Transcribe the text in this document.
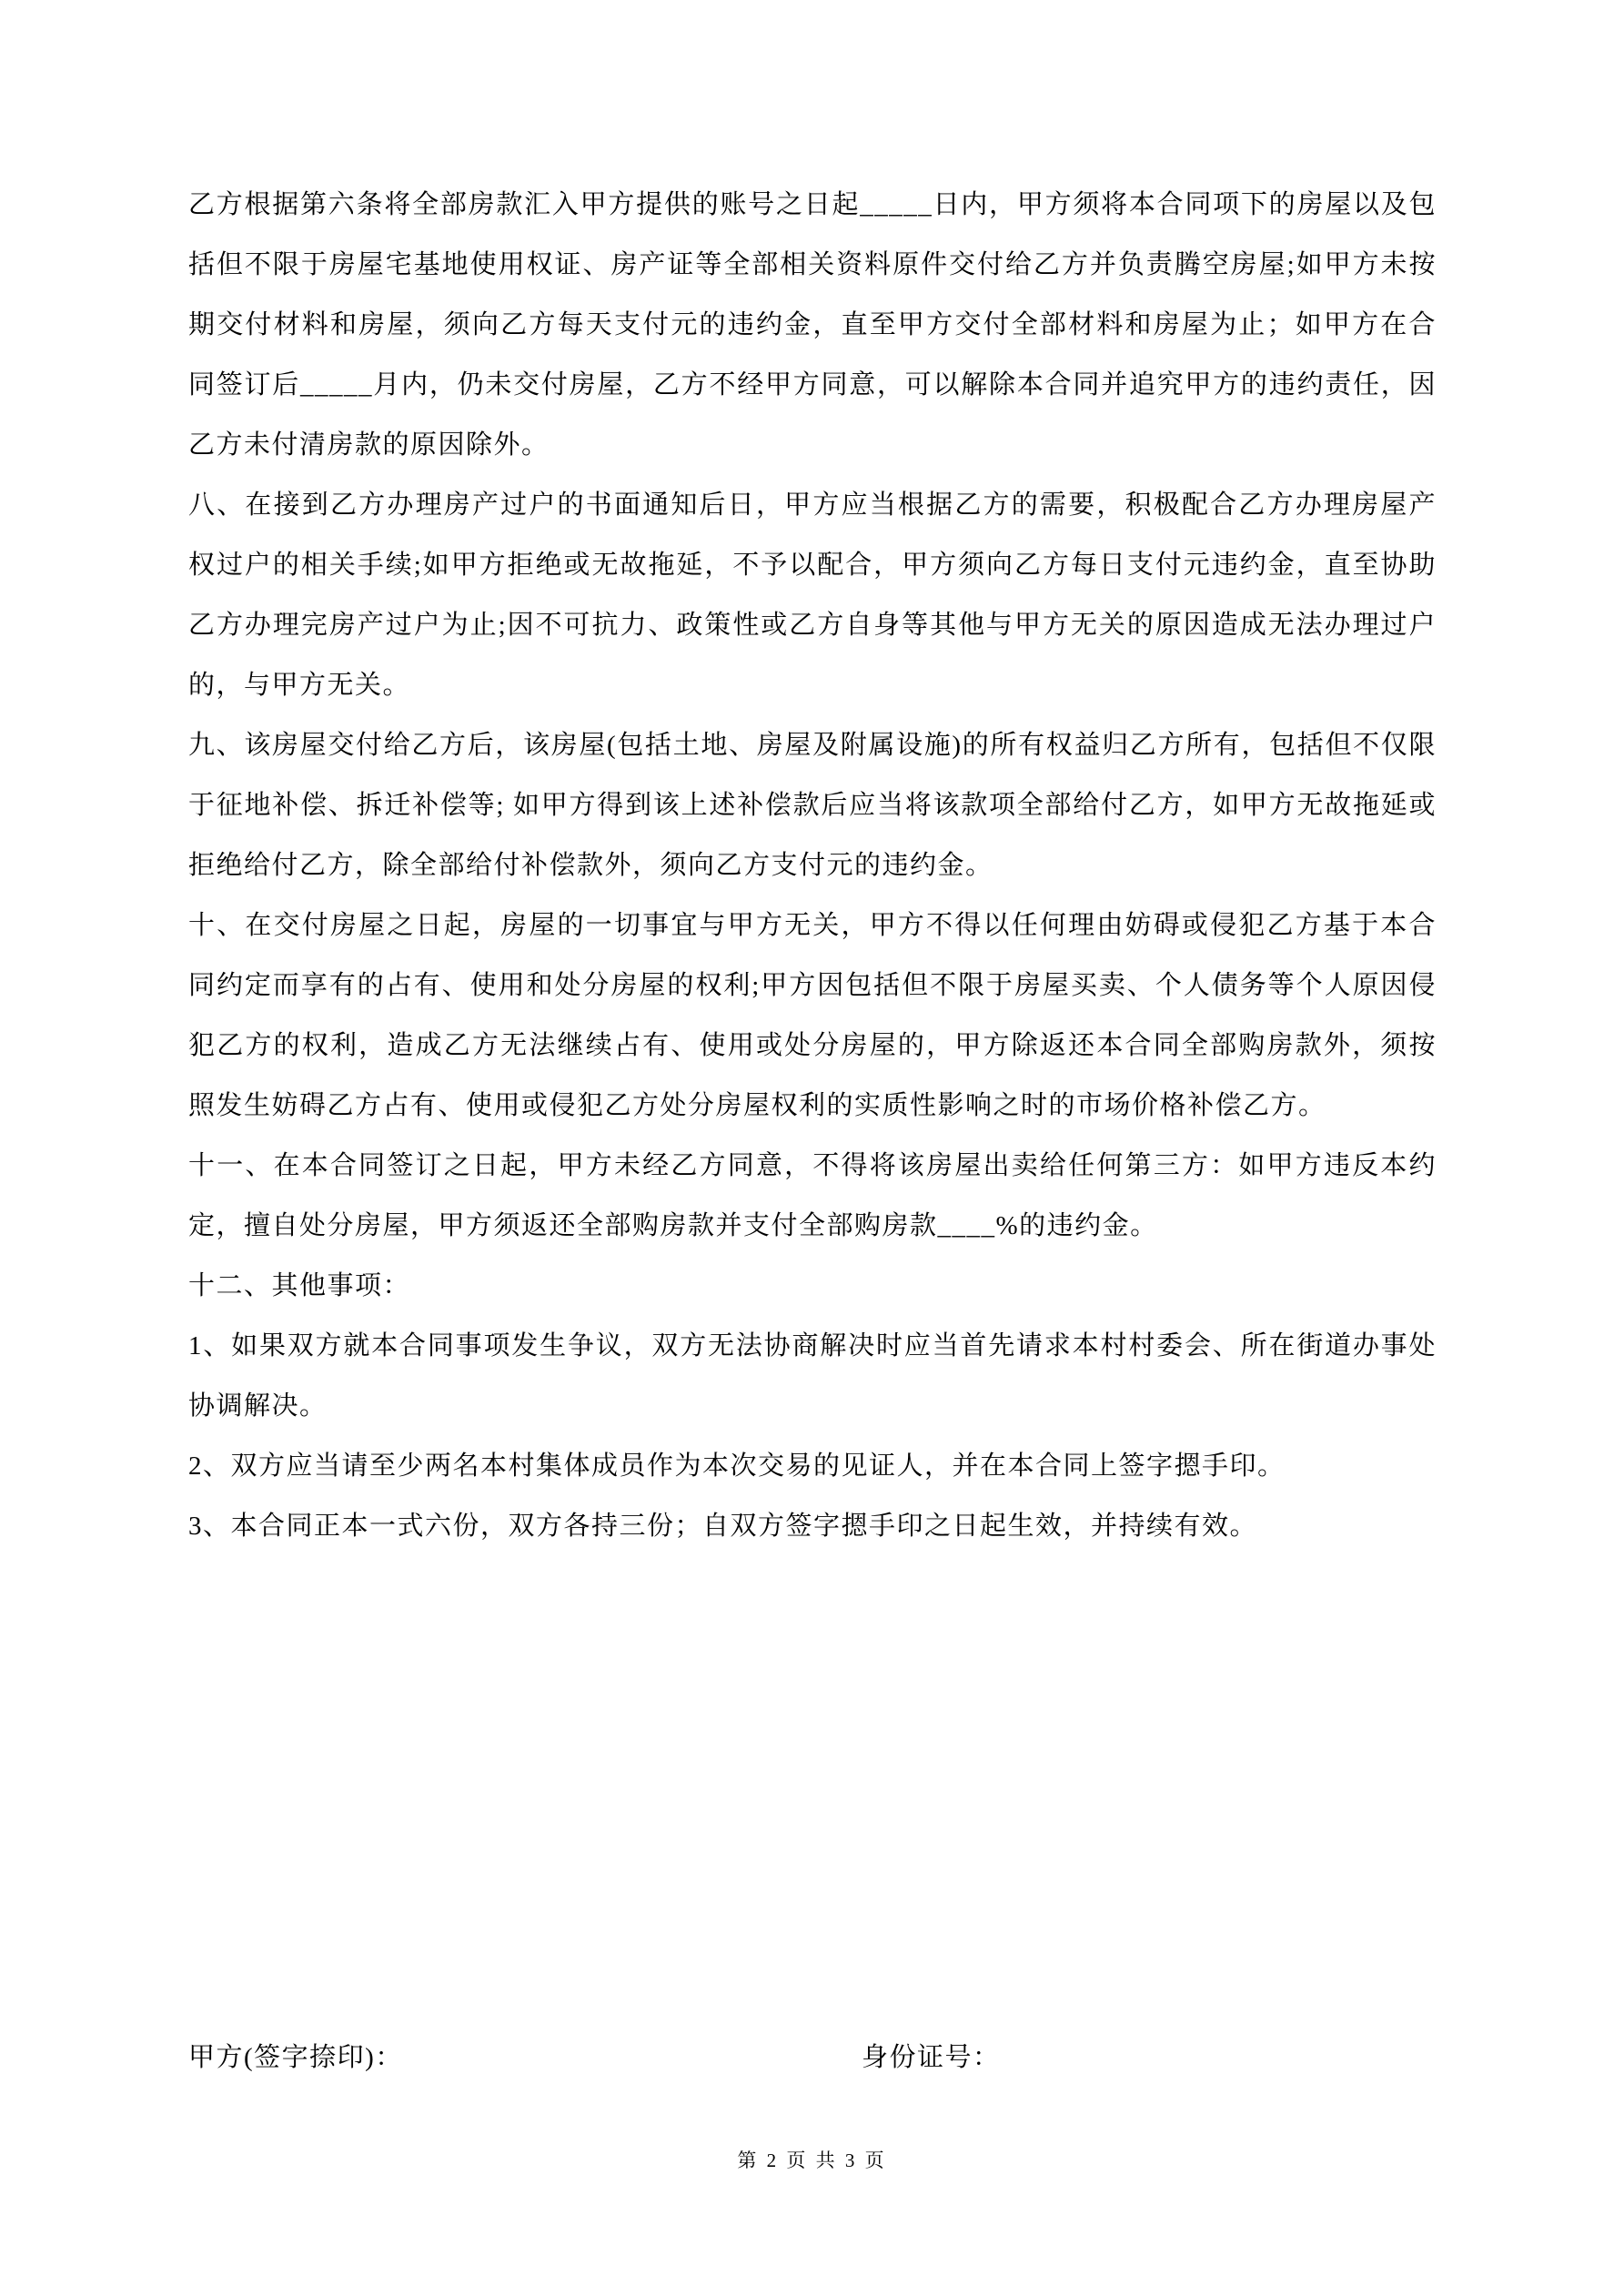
乙方根据第六条将全部房款汇入甲方提供的账号之日起_____日内，甲方须将本合同项下的房屋以及包括但不限于房屋宅基地使用权证、房产证等全部相关资料原件交付给乙方并负责腾空房屋;如甲方未按期交付材料和房屋，须向乙方每天支付元的违约金，直至甲方交付全部材料和房屋为止；如甲方在合同签订后_____月内，仍未交付房屋，乙方不经甲方同意，可以解除本合同并追究甲方的违约责任，因乙方未付清房款的原因除外。

八、在接到乙方办理房产过户的书面通知后日，甲方应当根据乙方的需要，积极配合乙方办理房屋产权过户的相关手续;如甲方拒绝或无故拖延，不予以配合，甲方须向乙方每日支付元违约金，直至协助乙方办理完房产过户为止;因不可抗力、政策性或乙方自身等其他与甲方无关的原因造成无法办理过户的，与甲方无关。

九、该房屋交付给乙方后，该房屋(包括土地、房屋及附属设施)的所有权益归乙方所有，包括但不仅限于征地补偿、拆迁补偿等; 如甲方得到该上述补偿款后应当将该款项全部给付乙方，如甲方无故拖延或拒绝给付乙方，除全部给付补偿款外，须向乙方支付元的违约金。

十、在交付房屋之日起，房屋的一切事宜与甲方无关，甲方不得以任何理由妨碍或侵犯乙方基于本合同约定而享有的占有、使用和处分房屋的权利;甲方因包括但不限于房屋买卖、个人债务等个人原因侵犯乙方的权利，造成乙方无法继续占有、使用或处分房屋的，甲方除返还本合同全部购房款外，须按照发生妨碍乙方占有、使用或侵犯乙方处分房屋权利的实质性影响之时的市场价格补偿乙方。

十一、在本合同签订之日起，甲方未经乙方同意，不得将该房屋出卖给任何第三方：如甲方违反本约定，擅自处分房屋，甲方须返还全部购房款并支付全部购房款____%的违约金。

十二、其他事项：

1、如果双方就本合同事项发生争议，双方无法协商解决时应当首先请求本村村委会、所在街道办事处协调解决。

2、双方应当请至少两名本村集体成员作为本次交易的见证人，并在本合同上签字摁手印。

3、本合同正本一式六份，双方各持三份；自双方签字摁手印之日起生效，并持续有效。

甲方(签字捺印)：	身份证号：
第 2 页 共 3 页
